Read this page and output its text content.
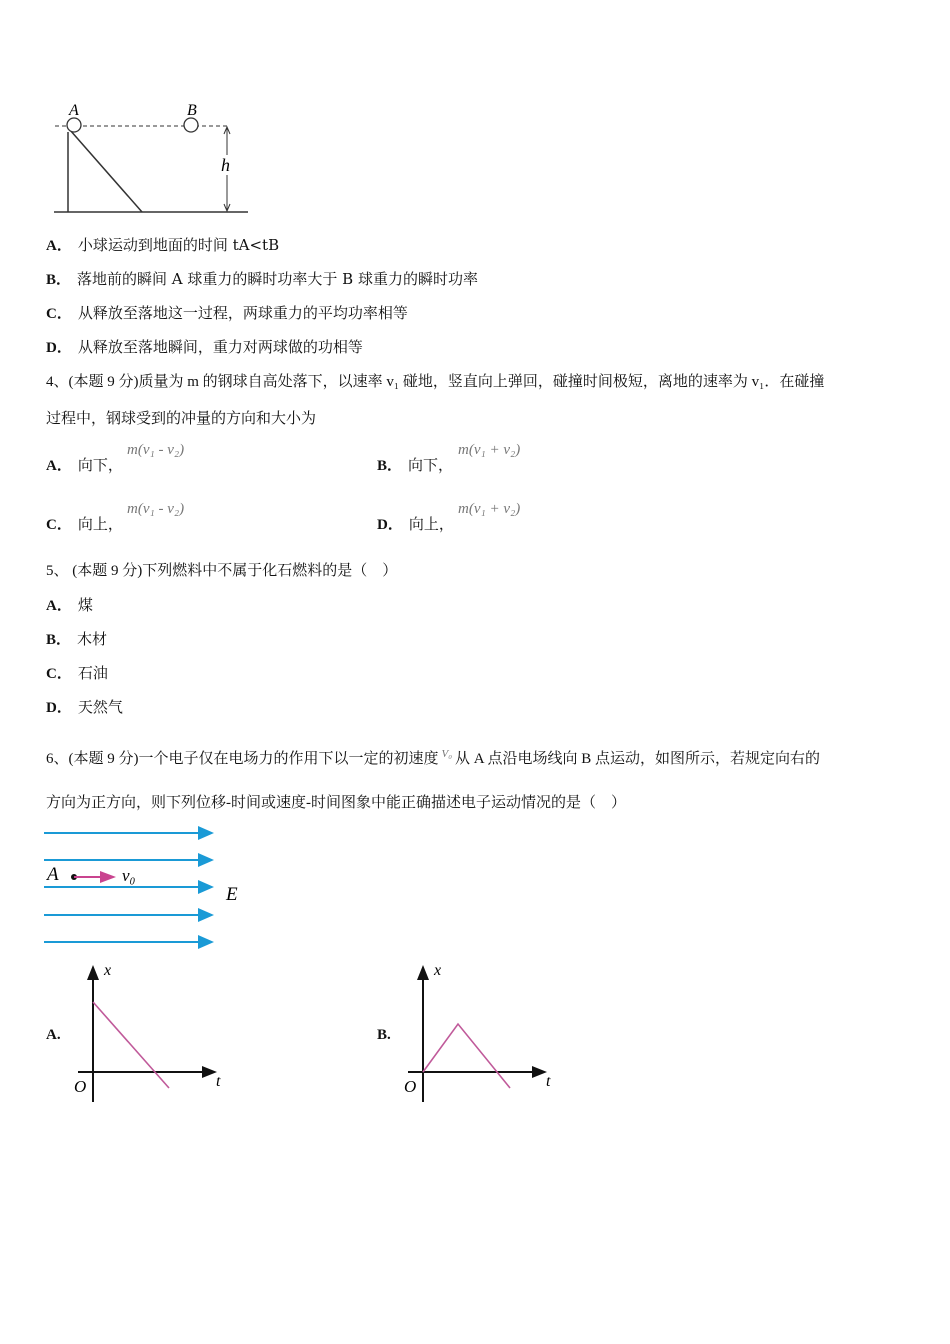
A	B
h
A． 小球运动到地面的时间 tA<tB
B． 落地前的瞬间 A 球重力的瞬时功率大于 B 球重力的瞬时功率
C． 从释放至落地这一过程，两球重力的平均功率相等
D． 从释放至落地瞬间，重力对两球做的功相等
4、(本题 9 分)质量为 m 的钢球自高处落下，以速率 v₁ 碰地，竖直向上弹回，碰撞时间极短，离地的速率为 v₁．在碰撞
过程中，钢球受到的冲量的方向和大小为
A． 向下，
m(v₁ - v₂)
B． 向下，
m(v₁ + v₂)
C． 向上，
m(v₁ - v₂)
D． 向上，
m(v₁ + v₂)
5、 (本题 9 分)下列燃料中不属于化石燃料的是（　）
A． 煤
B． 木材
C． 石油
D． 天然气
6、(本题 9 分)一个电子仅在电场力的作用下以一定的初速度 $^{V_0}$ 从 A 点沿电场线向 B 点运动，如图所示，若规定向右的
方向为正方向，则下列位移-时间或速度-时间图象中能正确描述电子运动情况的是（　）
A	v₀
E
A.
x
t
O
B.
x
t
O
